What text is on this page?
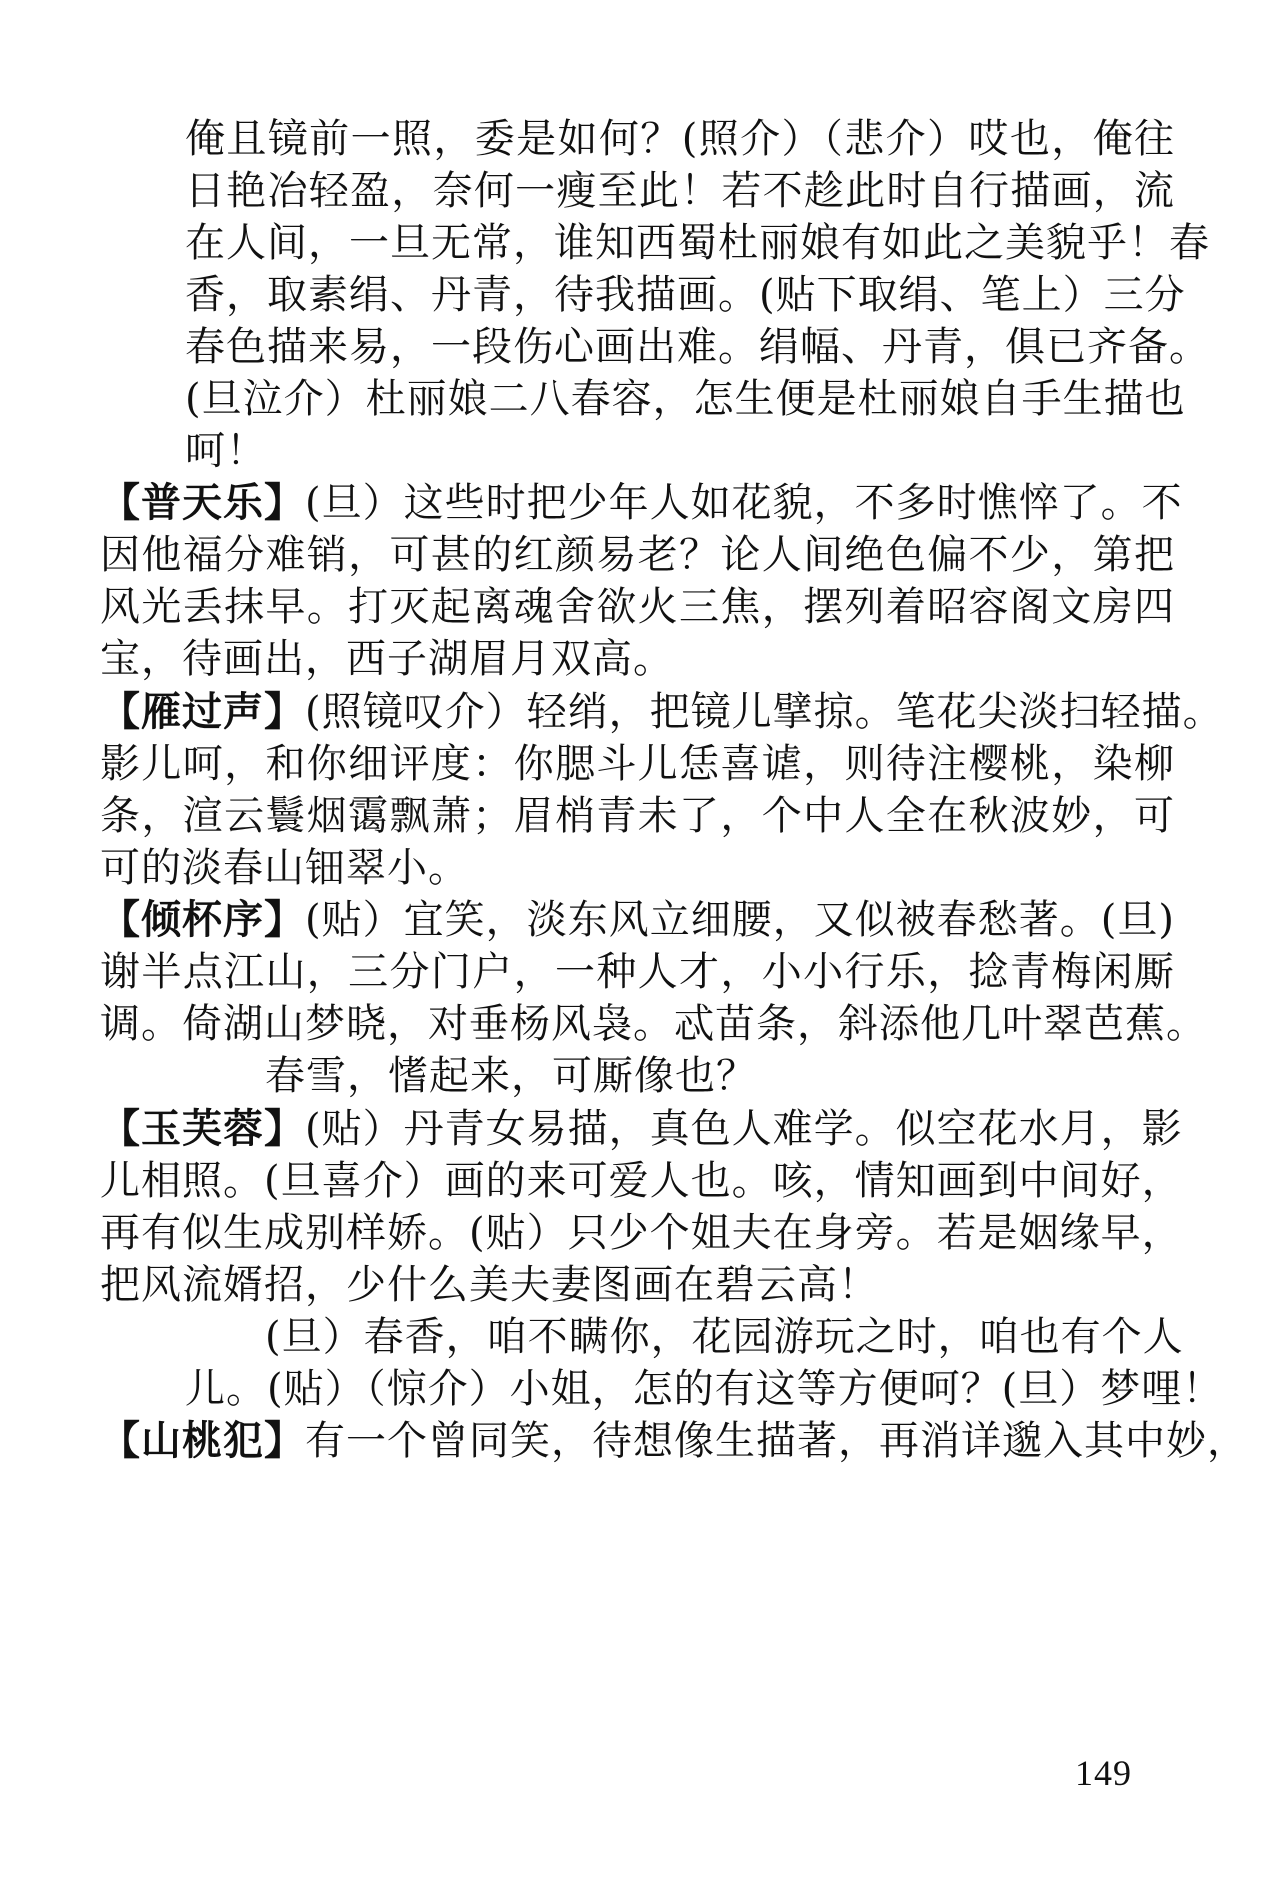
俺且镜前一照，委是如何？(照介）（悲介）哎也，俺往
日艳冶轻盈，奈何一瘦至此！若不趁此时自行描画，流
在人间，一旦无常，谁知西蜀杜丽娘有如此之美貌乎！春
香，取素绢、丹青，待我描画。(贴下取绢、笔上）三分
春色描来易，一段伤心画出难。绢幅、丹青，俱已齐备。
(旦泣介）杜丽娘二八春容，怎生便是杜丽娘自手生描也
呵！
【普天乐】(旦）这些时把少年人如花貌，不多时憔悴了。不
因他福分难销，可甚的红颜易老？论人间绝色偏不少，第把
风光丢抹早。打灭起离魂舍欲火三焦，摆列着昭容阁文房四
宝，待画出，西子湖眉月双高。
【雁过声】(照镜叹介）轻绡，把镜儿擘掠。笔花尖淡扫轻描。
影儿呵，和你细评度：你腮斗儿恁喜谑，则待注樱桃，染柳
条，渲云鬟烟霭飘萧；眉梢青未了，个中人全在秋波妙，可
可的淡春山钿翠小。
【倾杯序】(贴）宜笑，淡东风立细腰，又似被春愁著。(旦)
谢半点江山，三分门户，一种人才，小小行乐，捻青梅闲厮
调。倚湖山梦晓，对垂杨风袅。忒苗条，斜添他几叶翠芭蕉。
春雪，愭起来，可厮像也？
【玉芙蓉】(贴）丹青女易描，真色人难学。似空花水月，影
儿相照。(旦喜介）画的来可爱人也。咳，情知画到中间好，
再有似生成别样娇。(贴）只少个姐夫在身旁。若是姻缘早，
把风流婿招，少什么美夫妻图画在碧云高！
(旦）春香，咱不瞒你，花园游玩之时，咱也有个人
儿。(贴）（惊介）小姐，怎的有这等方便呵？(旦）梦哩！
【山桃犯】有一个曾同笑，待想像生描著，再消详邈入其中妙，
149
